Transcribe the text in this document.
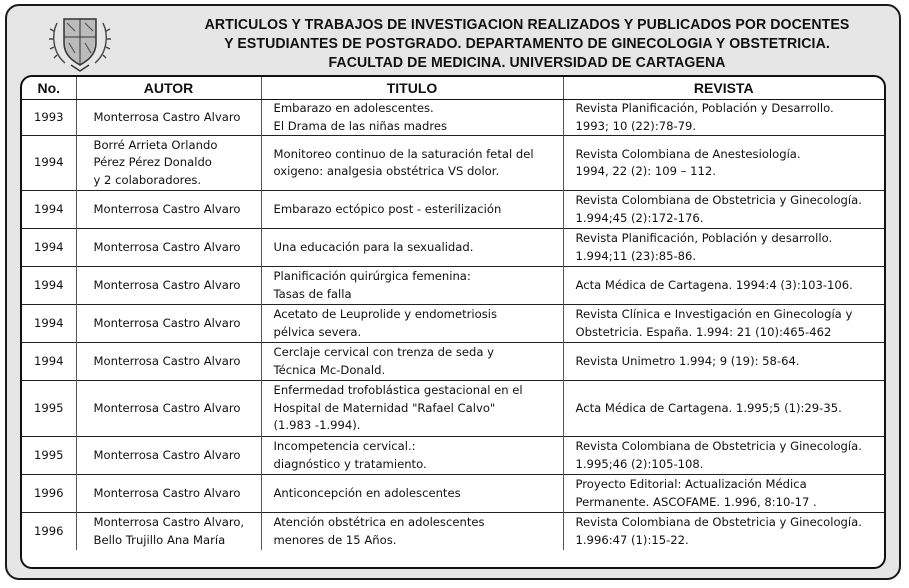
ARTICULOS Y TRABAJOS DE INVESTIGACION REALIZADOS Y PUBLICADOS POR DOCENTES
Y ESTUDIANTES DE POSTGRADO. DEPARTAMENTO DE GINECOLOGIA Y OBSTETRICIA.
FACULTAD DE MEDICINA. UNIVERSIDAD DE CARTAGENA
No.	AUTOR	TITULO	REVISTA
1993	Monterrosa Castro Alvaro	Embarazo en adolescentes.
El Drama de las niñas madres	Revista Planificación, Población y Desarrollo.
1993; 10 (22):78-79.

1994	Borré Arrieta Orlando
Pérez Pérez Donaldo
y 2 colaboradores.	Monitoreo continuo de la saturación fetal del
oxigeno: analgesia obstétrica VS dolor.	Revista Colombiana de Anestesiología.
1994, 22 (2): 109 – 112.

1994	Monterrosa Castro Alvaro	Embarazo ectópico post - esterilización	Revista Colombiana de Obstetricia y Ginecología.
1.994;45 (2):172-176.

1994	Monterrosa Castro Alvaro	Una educación para la sexualidad.	Revista Planificación, Población y desarrollo.
1.994;11 (23):85-86.

1994	Monterrosa Castro Alvaro	Planificación quirúrgica femenina:
Tasas de falla	Acta Médica de Cartagena. 1994:4 (3):103-106.

1994	Monterrosa Castro Alvaro	Acetato de Leuprolide y endometriosis
pélvica severa.	Revista Clínica e Investigación en Ginecología y
Obstetricia. España. 1.994: 21 (10):465-462

1994	Monterrosa Castro Alvaro	Cerclaje cervical con trenza de seda y
Técnica Mc-Donald.	Revista Unimetro 1.994; 9 (19): 58-64.

1995	Monterrosa Castro Alvaro	Enfermedad trofoblástica gestacional en el
Hospital de Maternidad "Rafael Calvo"
(1.983 -1.994).	Acta Médica de Cartagena. 1.995;5 (1):29-35.

1995	Monterrosa Castro Alvaro	Incompetencia cervical.:
diagnóstico y tratamiento.	Revista Colombiana de Obstetricia y Ginecología.
1.995;46 (2):105-108.

1996	Monterrosa Castro Alvaro	Anticoncepción en adolescentes	Proyecto Editorial: Actualización Médica
Permanente. ASCOFAME. 1.996, 8:10-17 .

1996	Monterrosa Castro Alvaro,
Bello Trujillo Ana María	Atención obstétrica en adolescentes
menores de 15 Años.	Revista Colombiana de Obstetricia y Ginecología.
1.996:47 (1):15-22.
